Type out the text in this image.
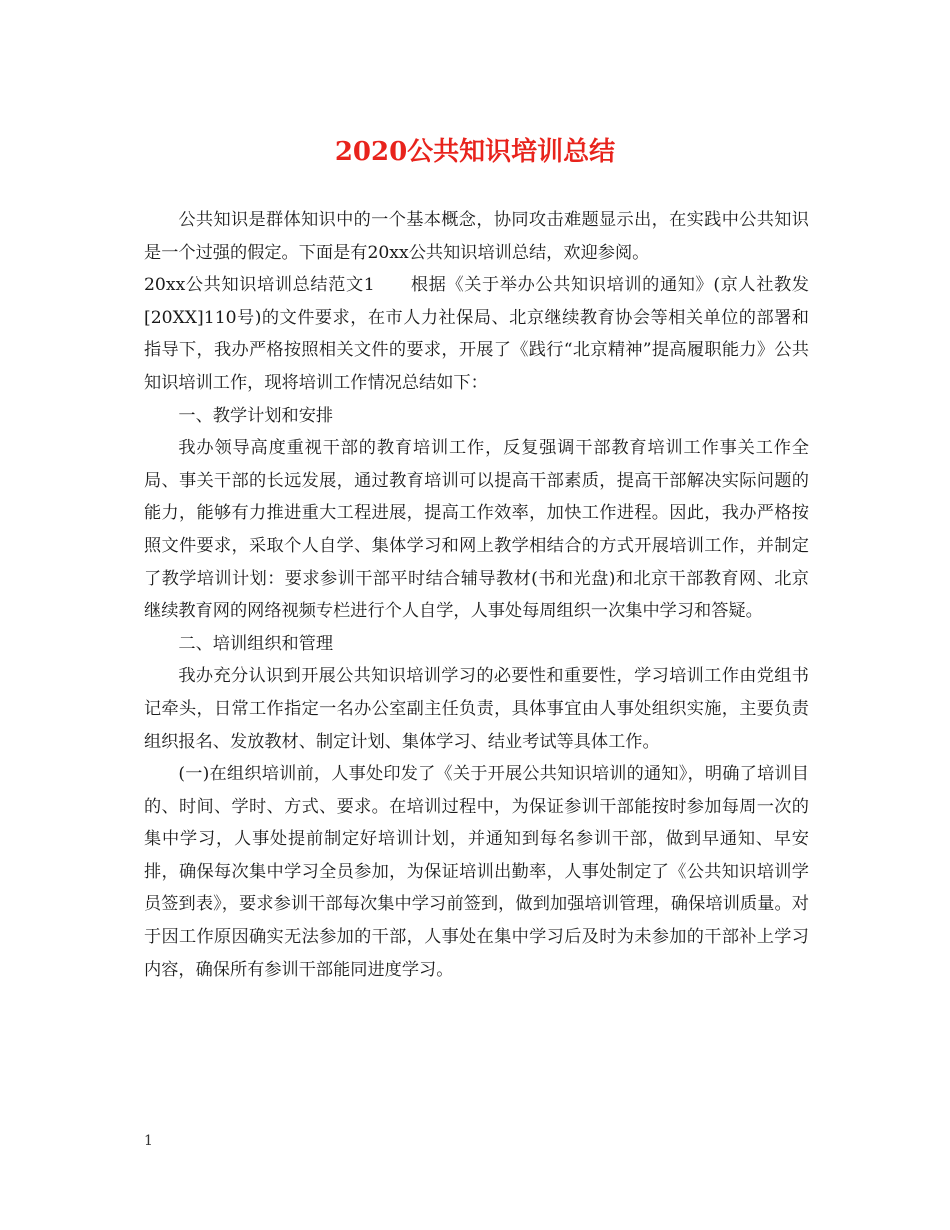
2020公共知识培训总结

公共知识是群体知识中的一个基本概念，协同攻击难题显示出，在实践中公共知识是一个过强的假定。下面是有20xx公共知识培训总结，欢迎参阅。

20xx公共知识培训总结范文1　　根据《关于举办公共知识培训的通知》(京人社教发[20XX]110号)的文件要求，在市人力社保局、北京继续教育协会等相关单位的部署和指导下，我办严格按照相关文件的要求，开展了《践行“北京精神”提高履职能力》公共知识培训工作，现将培训工作情况总结如下：

一、教学计划和安排

我办领导高度重视干部的教育培训工作，反复强调干部教育培训工作事关工作全局、事关干部的长远发展，通过教育培训可以提高干部素质，提高干部解决实际问题的能力，能够有力推进重大工程进展，提高工作效率，加快工作进程。因此，我办严格按照文件要求，采取个人自学、集体学习和网上教学相结合的方式开展培训工作，并制定了教学培训计划：要求参训干部平时结合辅导教材(书和光盘)和北京干部教育网、北京继续教育网的网络视频专栏进行个人自学，人事处每周组织一次集中学习和答疑。

二、培训组织和管理

我办充分认识到开展公共知识培训学习的必要性和重要性，学习培训工作由党组书记牵头，日常工作指定一名办公室副主任负责，具体事宜由人事处组织实施，主要负责组织报名、发放教材、制定计划、集体学习、结业考试等具体工作。

(一)在组织培训前，人事处印发了《关于开展公共知识培训的通知》，明确了培训目的、时间、学时、方式、要求。在培训过程中，为保证参训干部能按时参加每周一次的集中学习，人事处提前制定好培训计划，并通知到每名参训干部，做到早通知、早安排，确保每次集中学习全员参加，为保证培训出勤率，人事处制定了《公共知识培训学员签到表》，要求参训干部每次集中学习前签到，做到加强培训管理，确保培训质量。对于因工作原因确实无法参加的干部，人事处在集中学习后及时为未参加的干部补上学习内容，确保所有参训干部能同进度学习。

1
